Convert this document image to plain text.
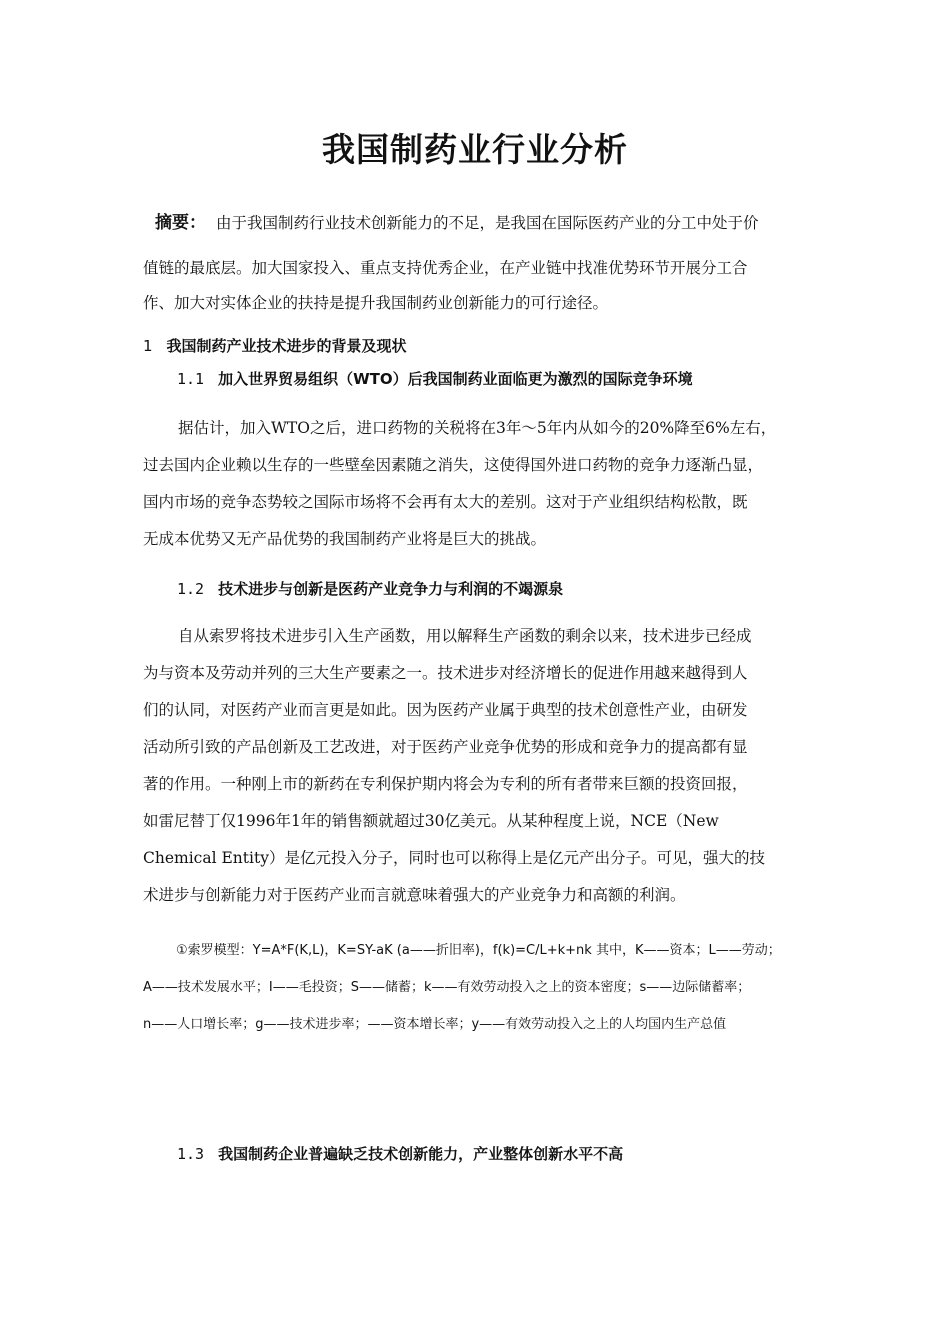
我国制药业行业分析
摘要： 由于我国制药行业技术创新能力的不足，是我国在国际医药产业的分工中处于价
值链的最底层。加大国家投入、重点支持优秀企业，在产业链中找准优势环节开展分工合
作、加大对实体企业的扶持是提升我国制药业创新能力的可行途径。
1 我国制药产业技术进步的背景及现状
1.1 加入世界贸易组织（WTO）后我国制药业面临更为激烈的国际竞争环境
据估计，加入WTO之后，进口药物的关税将在3年～5年内从如今的20%降至6%左右，
过去国内企业赖以生存的一些壁垒因素随之消失，这使得国外进口药物的竞争力逐渐凸显，
国内市场的竞争态势较之国际市场将不会再有太大的差别。这对于产业组织结构松散，既
无成本优势又无产品优势的我国制药产业将是巨大的挑战。
1.2 技术进步与创新是医药产业竞争力与利润的不竭源泉
自从索罗将技术进步引入生产函数，用以解释生产函数的剩余以来，技术进步已经成
为与资本及劳动并列的三大生产要素之一。技术进步对经济增长的促进作用越来越得到人
们的认同，对医药产业而言更是如此。因为医药产业属于典型的技术创意性产业，由研发
活动所引致的产品创新及工艺改进，对于医药产业竞争优势的形成和竞争力的提高都有显
著的作用。一种刚上市的新药在专利保护期内将会为专利的所有者带来巨额的投资回报，
如雷尼替丁仅1996年1年的销售额就超过30亿美元。从某种程度上说，NCE（New
Chemical Entity）是亿元投入分子，同时也可以称得上是亿元产出分子。可见，强大的技
术进步与创新能力对于医药产业而言就意味着强大的产业竞争力和高额的利润。
①索罗模型：Y=A*F(K,L)，K=SY-aK (a——折旧率)，f(k)=C/L+k+nk 其中，K——资本；L——劳动；
A——技术发展水平；I——毛投资；S——储蓄；k——有效劳动投入之上的资本密度；s——边际储蓄率；
n——人口增长率；g——技术进步率；——资本增长率；y——有效劳动投入之上的人均国内生产总值
1.3 我国制药企业普遍缺乏技术创新能力，产业整体创新水平不高
